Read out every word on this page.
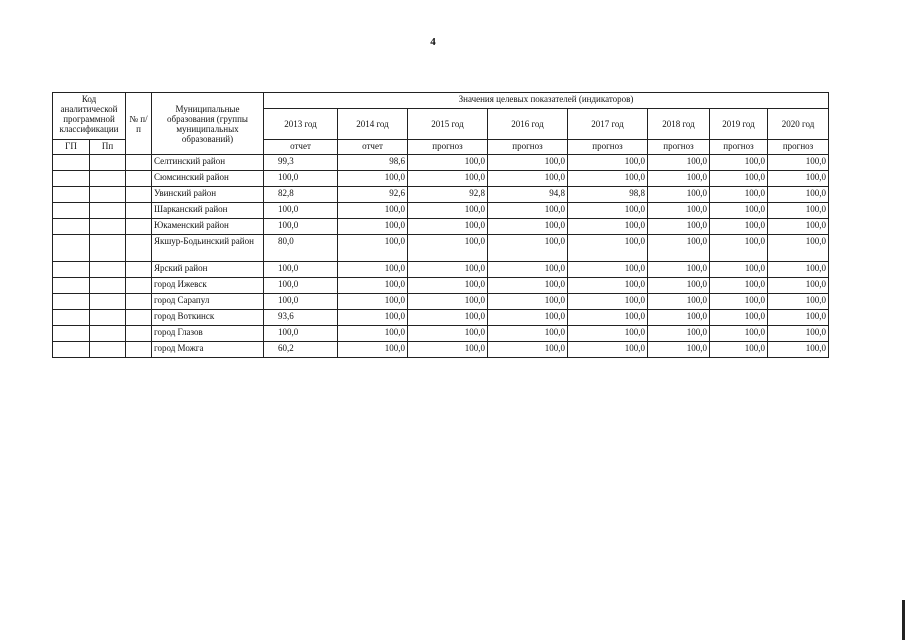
4
Код аналитической программной классификации		№ п/п	Муниципальные образования (группы муниципальных образований)	Значения целевых показателей (индикаторов)							
				2013 год	2014 год	2015 год	2016 год	2017 год	2018 год	2019 год	2020 год
ГП	Пп			отчет	отчет	прогноз	прогноз	прогноз	прогноз	прогноз	прогноз
			Селтинский район	99,3	98,6	100,0	100,0	100,0	100,0	100,0	100,0
			Сюмсинский район	100,0	100,0	100,0	100,0	100,0	100,0	100,0	100,0
			Увинский район	82,8	92,6	92,8	94,8	98,8	100,0	100,0	100,0
			Шарканский район	100,0	100,0	100,0	100,0	100,0	100,0	100,0	100,0
			Юкаменский район	100,0	100,0	100,0	100,0	100,0	100,0	100,0	100,0
			Якшур-Бодьинский район	80,0	100,0	100,0	100,0	100,0	100,0	100,0	100,0
			Ярский район	100,0	100,0	100,0	100,0	100,0	100,0	100,0	100,0
			город Ижевск	100,0	100,0	100,0	100,0	100,0	100,0	100,0	100,0
			город Сарапул	100,0	100,0	100,0	100,0	100,0	100,0	100,0	100,0
			город Воткинск	93,6	100,0	100,0	100,0	100,0	100,0	100,0	100,0
			город Глазов	100,0	100,0	100,0	100,0	100,0	100,0	100,0	100,0
			город Можга	60,2	100,0	100,0	100,0	100,0	100,0	100,0	100,0
